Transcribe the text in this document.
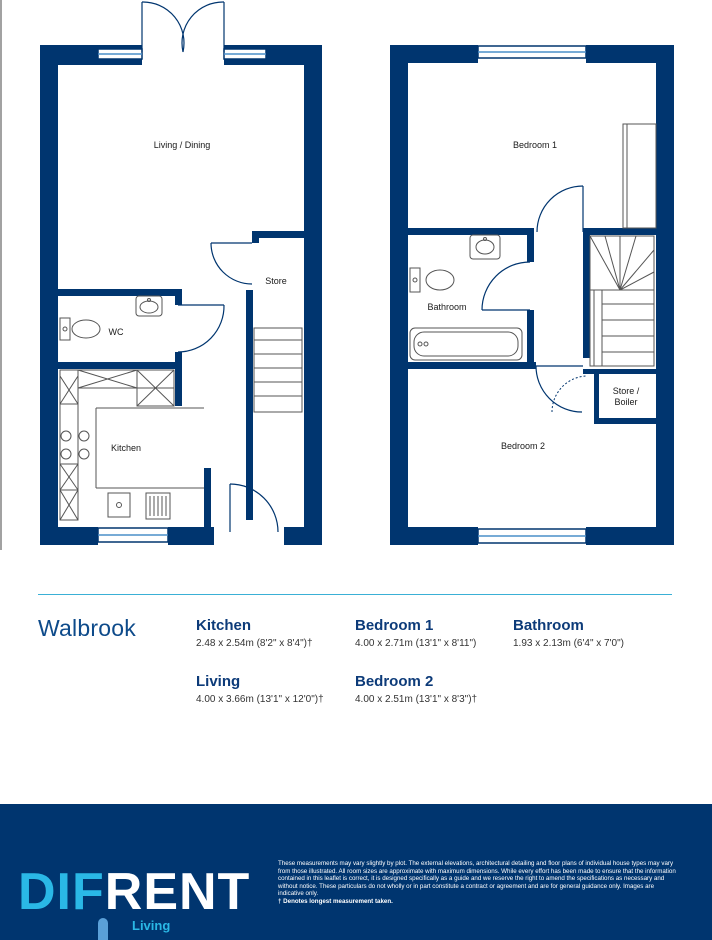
Living / Dining
Store
WC
Kitchen
Bedroom 1
Bathroom
Store /
Boiler
Bedroom 2
Walbrook	Kitchen
2.48 x 2.54m (8'2" x 8'4")†
Living
4.00 x 3.66m (13'1" x 12'0")†
Bedroom 1
4.00 x 2.71m (13'1" x 8'11")
Bedroom 2
4.00 x 2.51m (13'1" x 8'3")†
Bathroom
1.93 x 2.13m (6'4" x 7'0")
DIFRENT
Living
These measurements may vary slightly by plot. The external elevations, architectural detailing and floor plans of individual house types may vary from those illustrated. All room sizes are approximate with maximum dimensions. While every effort has been made to ensure that the information contained in this leaflet is correct, it is designed specifically as a guide and we reserve the right to amend the specifications as necessary and without notice. These particulars do not wholly or in part constitute a contract or agreement and are for general guidance only. Images are indicative only.
† Denotes longest measurement taken.
